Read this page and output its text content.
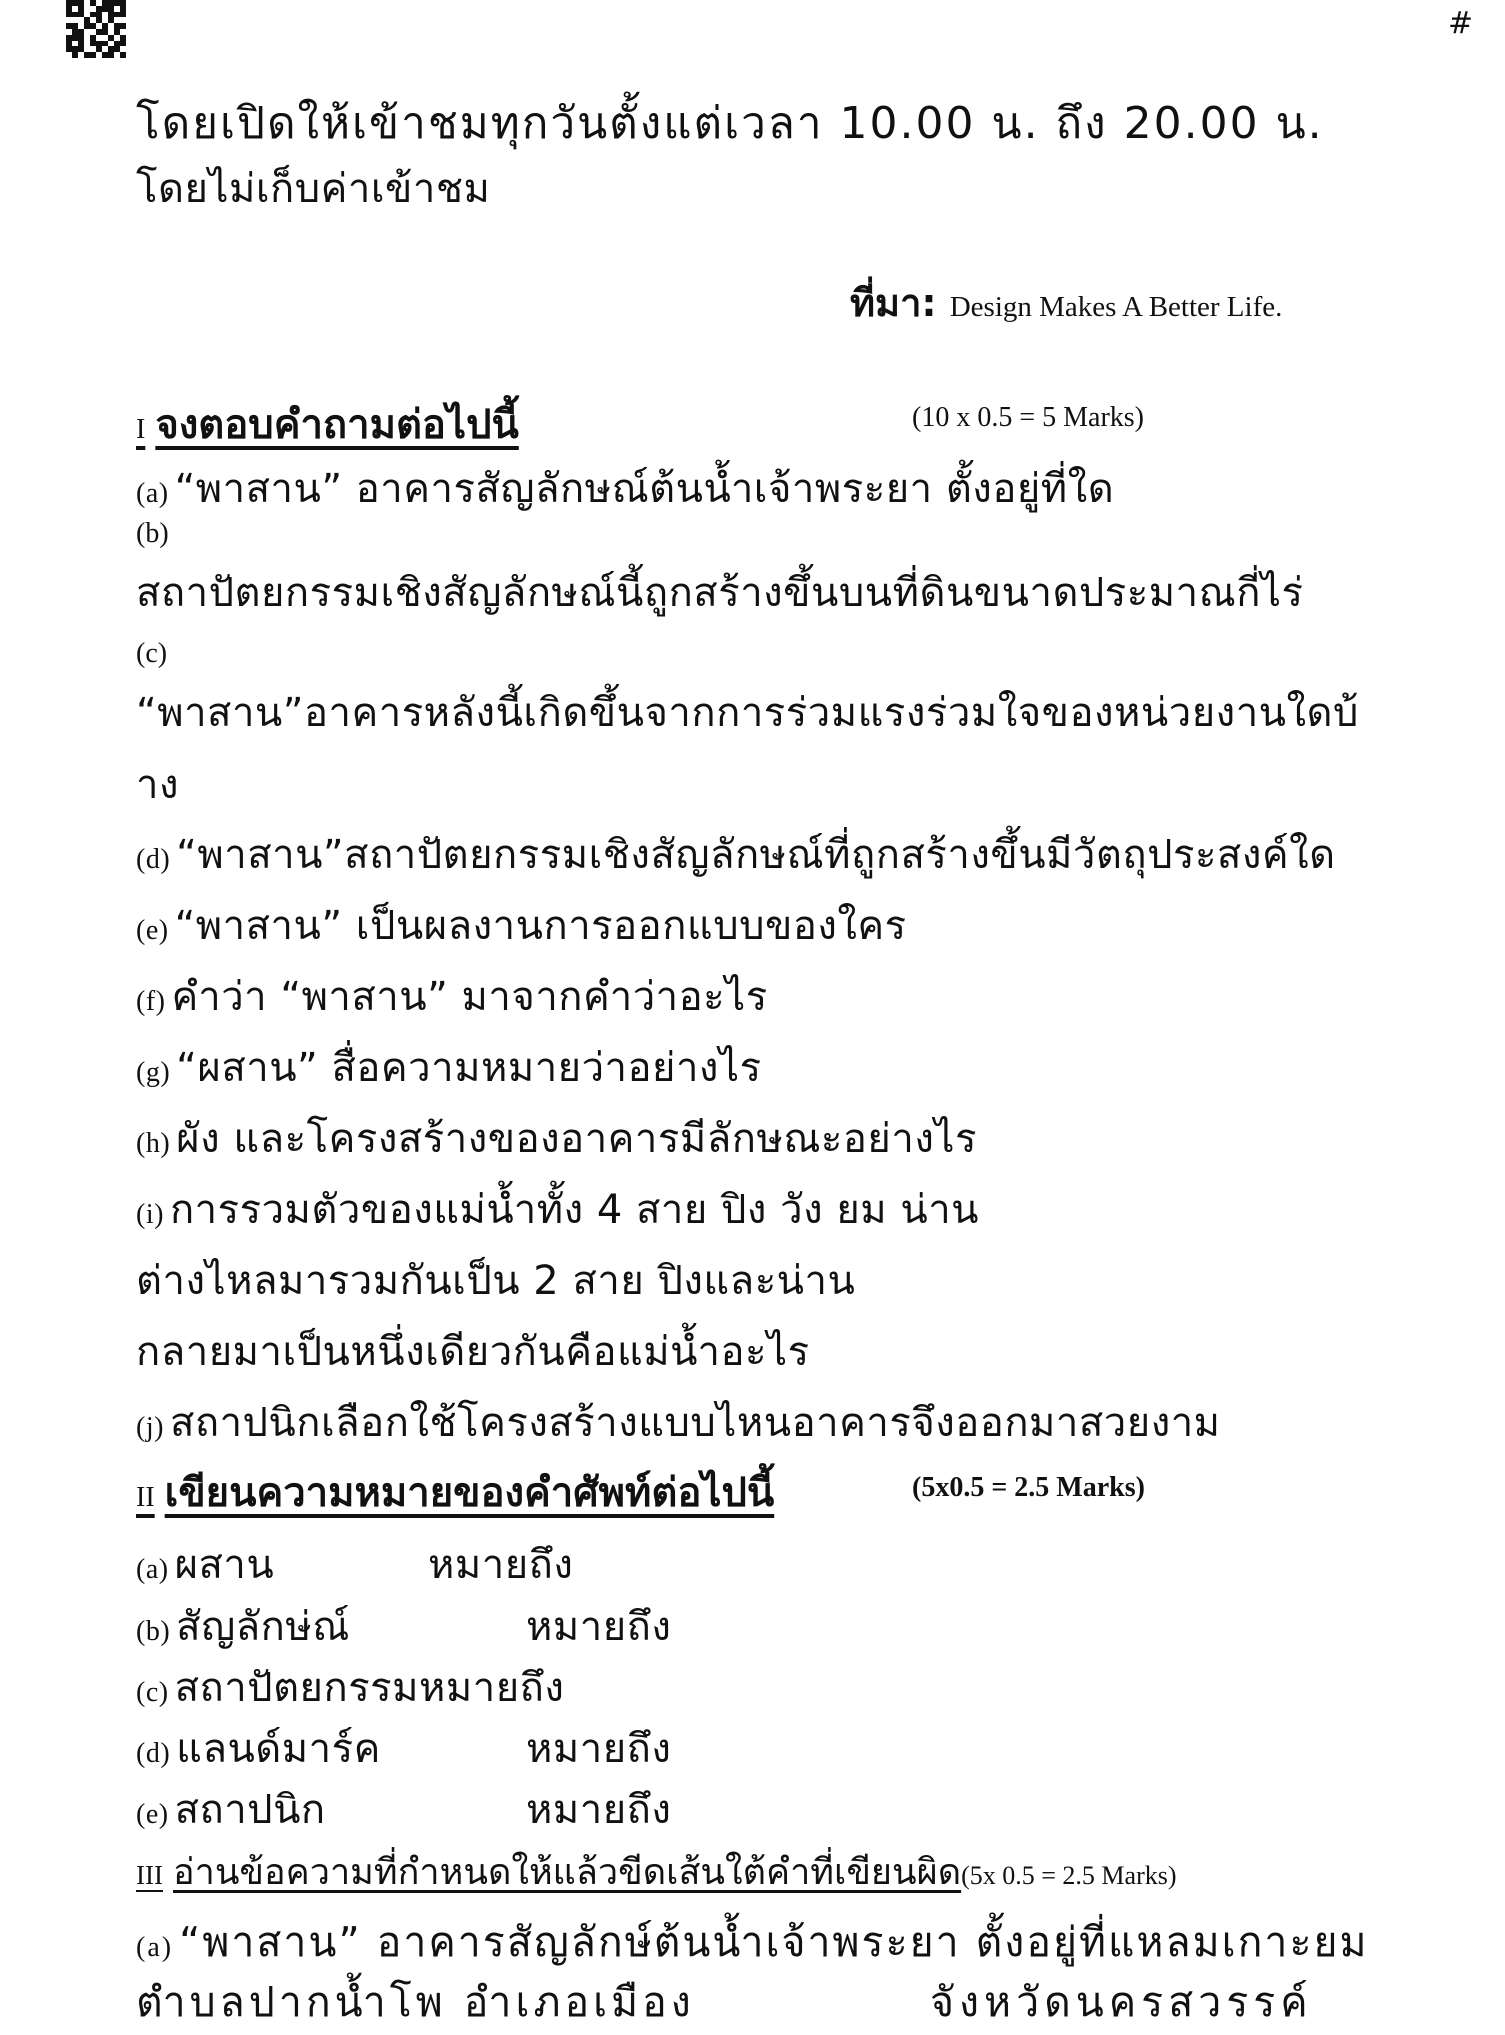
#
โดยเปิดให้เข้าชมทุกวันตั้งแต่เวลา 10.00 น. ถึง 20.00 น.
โดยไม่เก็บค่าเข้าชม
ที่มา: Design Makes A Better Life.
I จงตอบคำถามต่อไปนี้	(10 x 0.5 = 5 Marks)
(a) “พาสาน” อาคารสัญลักษณ์ต้นน้ำเจ้าพระยา ตั้งอยู่ที่ใด
(b)
สถาปัตยกรรมเชิงสัญลักษณ์นี้ถูกสร้างขึ้นบนที่ดินขนาดประมาณกี่ไร่
(c)
“พาสาน”อาคารหลังนี้เกิดขึ้นจากการร่วมแรงร่วมใจของหน่วยงานใดบ้
าง
(d) “พาสาน”สถาปัตยกรรมเชิงสัญลักษณ์ที่ถูกสร้างขึ้นมีวัตถุประสงค์ใด
(e) “พาสาน” เป็นผลงานการออกแบบของใคร
(f) คำว่า “พาสาน” มาจากคำว่าอะไร
(g) “ผสาน” สื่อความหมายว่าอย่างไร
(h) ผัง และโครงสร้างของอาคารมีลักษณะอย่างไร
(i) การรวมตัวของแม่น้ำทั้ง 4 สาย ปิง วัง ยม น่าน
ต่างไหลมารวมกันเป็น 2 สาย ปิงและน่าน
กลายมาเป็นหนึ่งเดียวกันคือแม่น้ำอะไร
(j) สถาปนิกเลือกใช้โครงสร้างแบบไหนอาคารจึงออกมาสวยงาม
II เขียนความหมายของคำศัพท์ต่อไปนี้	(5x0.5 = 2.5 Marks)
(a) ผสาน	หมายถึง
(b) สัญลักษ่ณ์	หมายถึง
(c) สถาปัตยกรรมหมายถึง
(d) แลนด์มาร์ค	หมายถึง
(e) สถาปนิก	หมายถึง
III อ่านข้อความที่กำหนดให้แล้วขีดเส้นใต้คำที่เขียนผิด(5x 0.5 = 2.5 Marks)
(a) “พาสาน” อาคารสัญลักษ์ต้นน้ำเจ้าพระยา ตั้งอยู่ที่แหลมเกาะยม
ตำบลปากน้ำโพ อำเภอเมือง	จังหวัดนครสวรรค์
